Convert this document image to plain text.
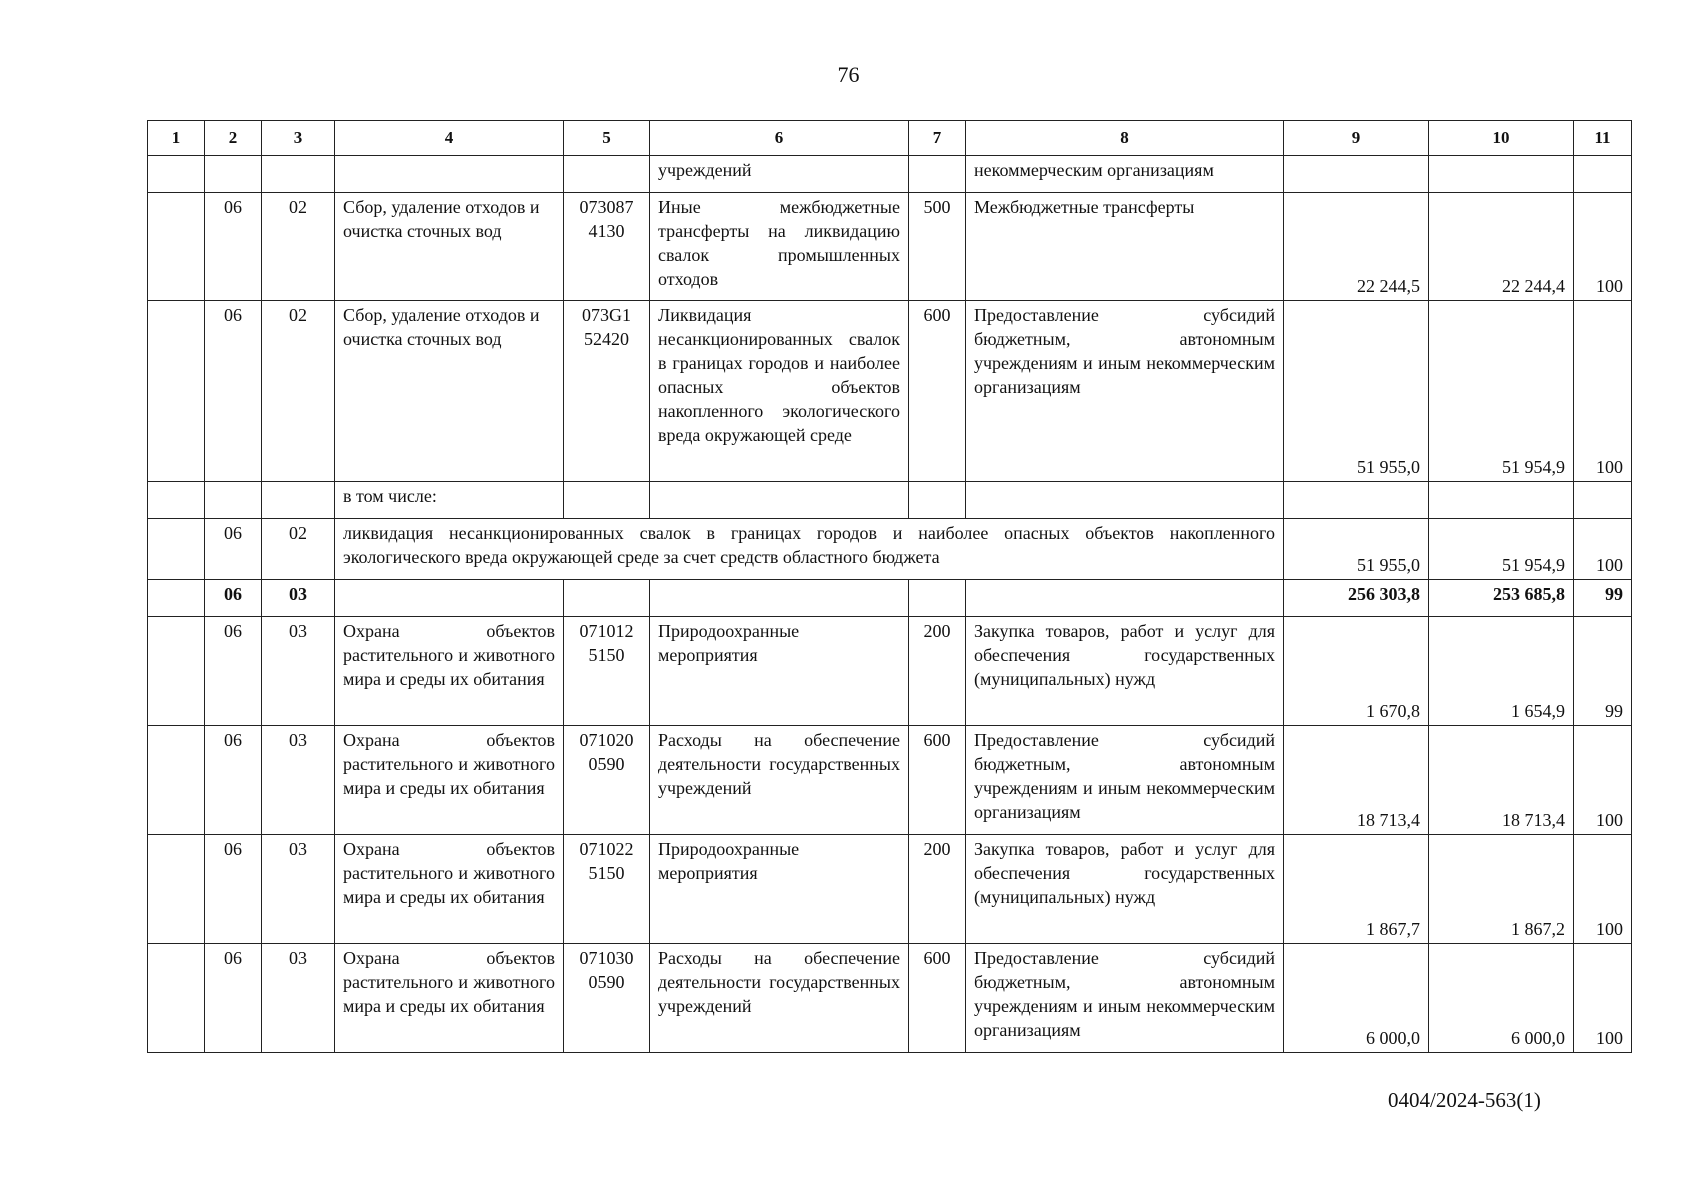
76
1	2	3	4	5	6	7	8	9	10	11
					учреждений		некоммерческим организациям			
	06	02	Сбор, удаление отходов и очистка сточных вод	073087 4130	Иные межбюджетные трансферты на ликвидацию свалок промышленных отходов	500	Межбюджетные трансферты	22 244,5	22 244,4	100
	06	02	Сбор, удаление отходов и очистка сточных вод	073G1 52420	Ликвидация несанкционированных свалок в границах городов и наиболее опасных объектов накопленного экологического вреда окружающей среде	600	Предоставление субсидий бюджетным, автономным учреждениям и иным некоммерческим организациям	51 955,0	51 954,9	100
			в том числе:							
	06	02	ликвидация несанкционированных свалок в границах городов и наиболее опасных объектов накопленного экологического вреда окружающей среде за счет средств областного бюджета					51 955,0	51 954,9	100
	06	03						256 303,8	253 685,8	99
	06	03	Охрана объектов растительного и животного мира и среды их обитания	071012 5150	Природоохранные мероприятия	200	Закупка товаров, работ и услуг для обеспечения государственных (муниципальных) нужд	1 670,8	1 654,9	99
	06	03	Охрана объектов растительного и животного мира и среды их обитания	071020 0590	Расходы на обеспечение деятельности государственных учреждений	600	Предоставление субсидий бюджетным, автономным учреждениям и иным некоммерческим организациям	18 713,4	18 713,4	100
	06	03	Охрана объектов растительного и животного мира и среды их обитания	071022 5150	Природоохранные мероприятия	200	Закупка товаров, работ и услуг для обеспечения государственных (муниципальных) нужд	1 867,7	1 867,2	100
	06	03	Охрана объектов растительного и животного мира и среды их обитания	071030 0590	Расходы на обеспечение деятельности государственных учреждений	600	Предоставление субсидий бюджетным, автономным учреждениям и иным некоммерческим организациям	6 000,0	6 000,0	100
0404/2024-563(1)
